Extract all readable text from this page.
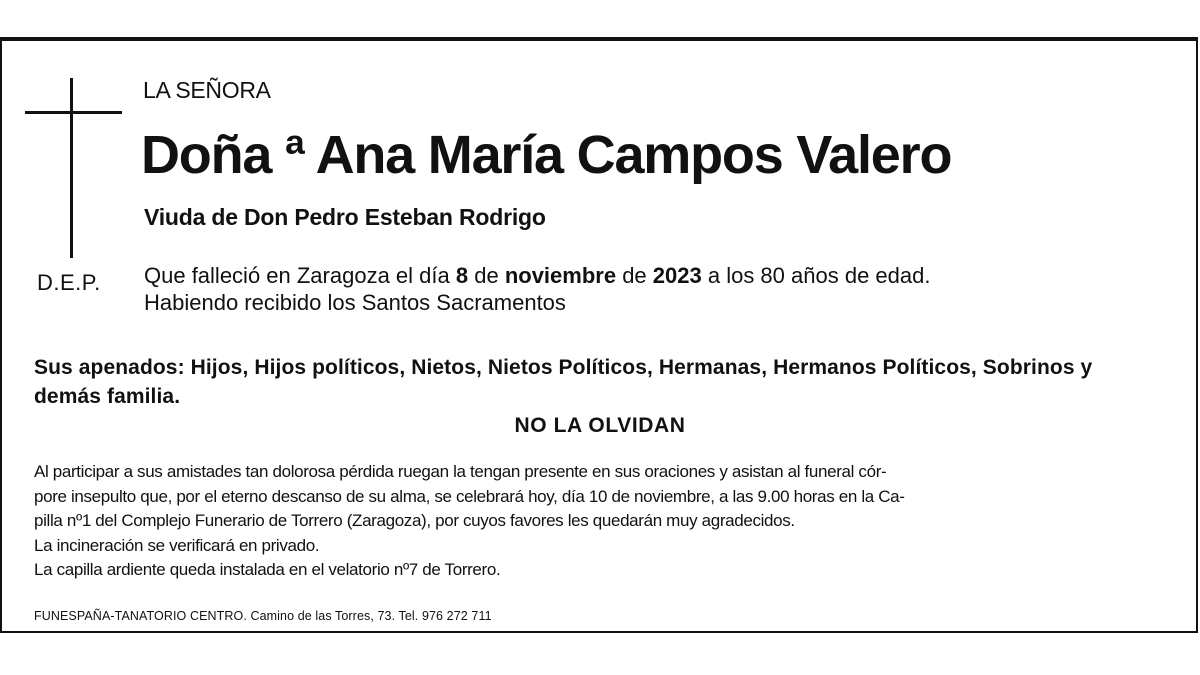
D.E.P.
LA SEÑORA
Doña ª Ana María Campos Valero
Viuda de Don Pedro Esteban Rodrigo
Que falleció en Zaragoza el día 8 de noviembre de 2023 a los 80 años de edad.
Habiendo recibido los Santos Sacramentos
Sus apenados: Hijos, Hijos políticos, Nietos, Nietos Políticos, Hermanas, Hermanos Políticos, Sobrinos y demás familia.
NO LA OLVIDAN

Al participar a sus amistades tan dolorosa pérdida ruegan la tengan presente en sus oraciones y asistan al funeral cór-

pore insepulto que, por el eterno descanso de su alma, se celebrará hoy, día 10 de noviembre, a las 9.00 horas en la Ca-

pilla nº1 del Complejo Funerario de Torrero (Zaragoza), por cuyos favores les quedarán muy agradecidos.

La incineración se verificará en privado.

La capilla ardiente queda instalada en el velatorio nº7 de Torrero.

FUNESPAÑA-TANATORIO CENTRO. Camino de las Torres, 73. Tel. 976 272 711
